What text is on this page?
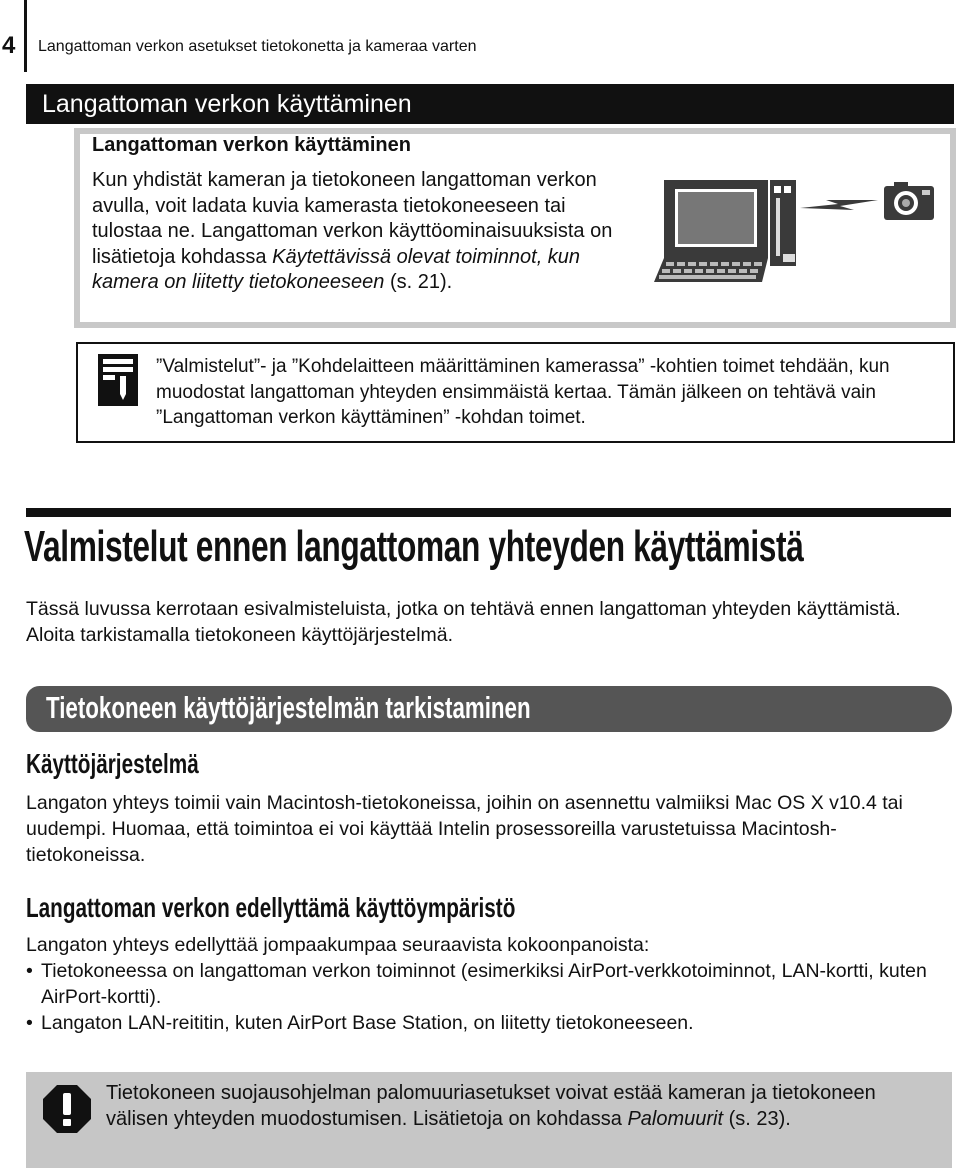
4 Langattoman verkon asetukset tietokonetta ja kameraa varten
Langattoman verkon käyttäminen
Langattoman verkon käyttäminen

Kun yhdistät kameran ja tietokoneen langattoman verkon avulla, voit ladata kuvia kamerasta tietokoneeseen tai tulostaa ne. Langattoman verkon käyttöominaisuuksista on lisätietoja kohdassa Käytettävissä olevat toiminnot, kun kamera on liitetty tietokoneeseen (s. 21).

”Valmistelut”- ja ”Kohdelaitteen määrittäminen kamerassa” -kohtien toimet tehdään, kun muodostat langattoman yhteyden ensimmäistä kertaa. Tämän jälkeen on tehtävä vain ”Langattoman verkon käyttäminen” -kohdan toimet.

Valmistelut ennen langattoman yhteyden käyttämistä

Tässä luvussa kerrotaan esivalmisteluista, jotka on tehtävä ennen langattoman yhteyden käyttämistä. Aloita tarkistamalla tietokoneen käyttöjärjestelmä.

Tietokoneen käyttöjärjestelmän tarkistaminen
Käyttöjärjestelmä

Langaton yhteys toimii vain Macintosh-tietokoneissa, joihin on asennettu valmiiksi Mac OS X v10.4 tai uudempi. Huomaa, että toimintoa ei voi käyttää Intelin prosessoreilla varustetuissa Macintosh-tietokoneissa.

Langattoman verkon edellyttämä käyttöympäristö

Langaton yhteys edellyttää jompaakumpaa seuraavista kokoonpanoista:

• Tietokoneessa on langattoman verkon toiminnot (esimerkiksi AirPort-verkkotoiminnot, LAN-kortti, kuten AirPort-kortti).
• Langaton LAN-reititin, kuten AirPort Base Station, on liitetty tietokoneeseen.

Tietokoneen suojausohjelman palomuuriasetukset voivat estää kameran ja tietokoneen välisen yhteyden muodostumisen. Lisätietoja on kohdassa Palomuurit (s. 23).
